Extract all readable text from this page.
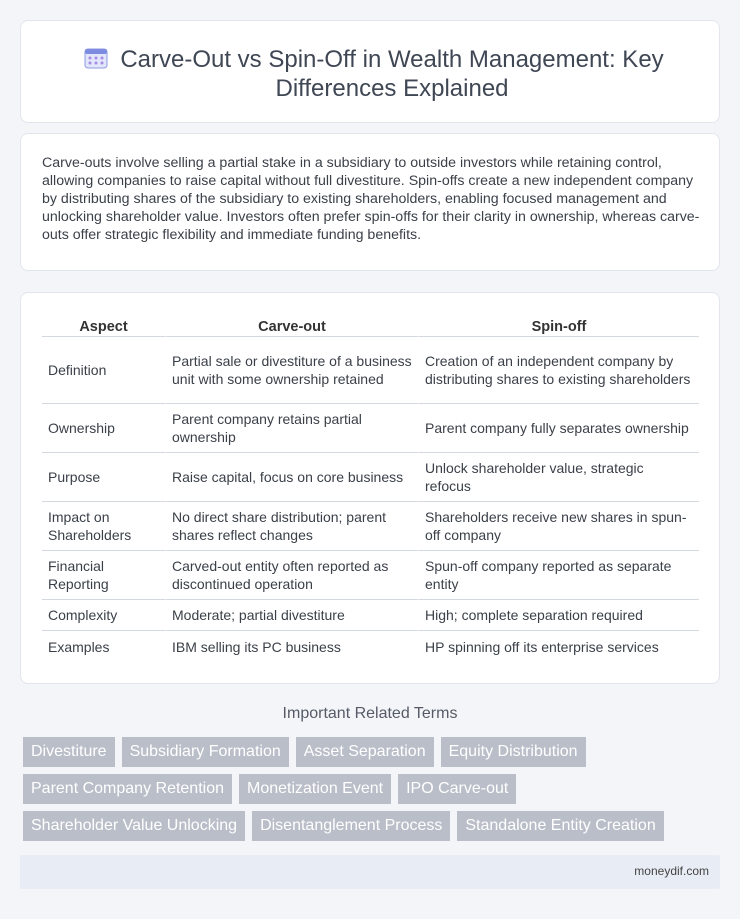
Carve-Out vs Spin-Off in Wealth Management: Key Differences Explained

Carve-outs involve selling a partial stake in a subsidiary to outside investors while retaining control, allowing companies to raise capital without full divestiture. Spin-offs create a new independent company by distributing shares of the subsidiary to existing shareholders, enabling focused management and unlocking shareholder value. Investors often prefer spin-offs for their clarity in ownership, whereas carve-outs offer strategic flexibility and immediate funding benefits.

Aspect	Carve-out	Spin-off
Definition	Partial sale or divestiture of a business unit with some ownership retained	Creation of an independent company by distributing shares to existing shareholders
Ownership	Parent company retains partial ownership	Parent company fully separates ownership
Purpose	Raise capital, focus on core business	Unlock shareholder value, strategic refocus
Impact on Shareholders	No direct share distribution; parent shares reflect changes	Shareholders receive new shares in spun-off company
Financial Reporting	Carved-out entity often reported as discontinued operation	Spun-off company reported as separate entity
Complexity	Moderate; partial divestiture	High; complete separation required
Examples	IBM selling its PC business	HP spinning off its enterprise services
Important Related Terms
Divestiture	Subsidiary Formation	Asset Separation	Equity Distribution
Parent Company Retention	Monetization Event	IPO Carve-out
Shareholder Value Unlocking	Disentanglement Process	Standalone Entity Creation
moneydif.com
